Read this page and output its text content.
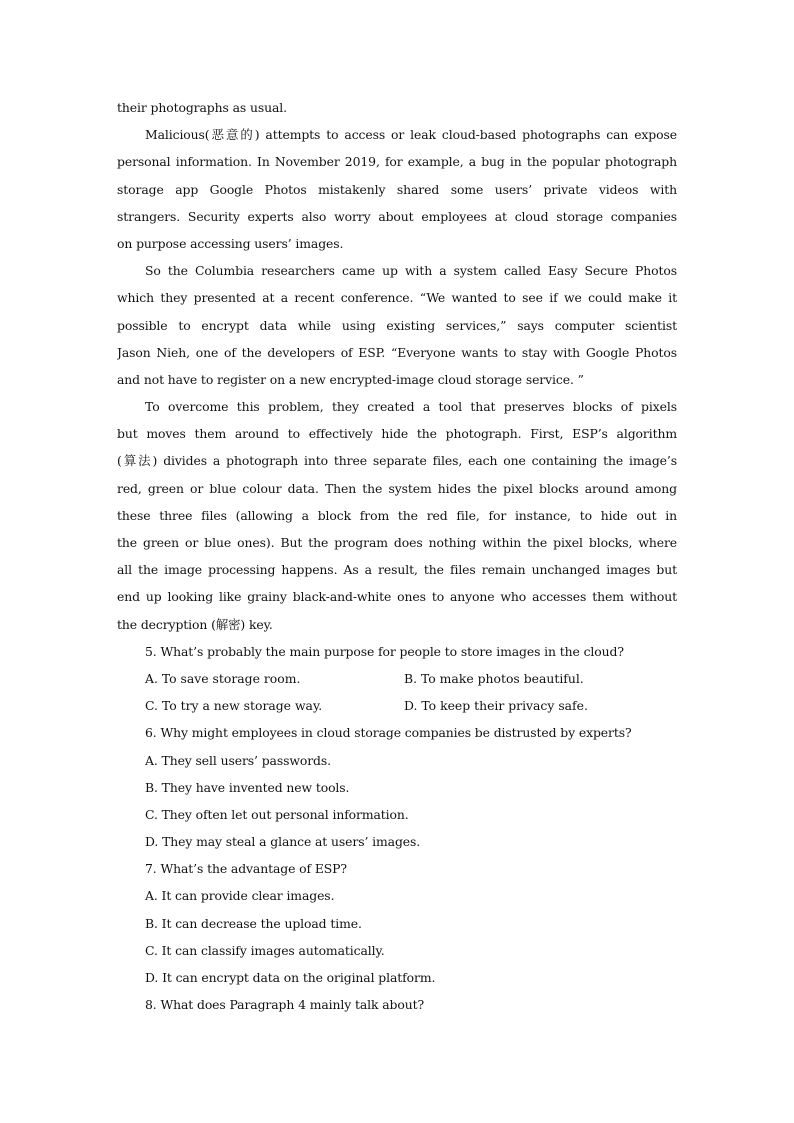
their photographs as usual.
Malicious(恶意的) attempts to access or leak cloud-based photographs can expose
personal information. In November 2019, for example, a bug in the popular photograph
storage app Google Photos mistakenly shared some users’ private videos with
strangers. Security experts also worry about employees at cloud storage companies
on purpose accessing users’ images.
So the Columbia researchers came up with a system called Easy Secure Photos
which they presented at a recent conference. “We wanted to see if we could make it
possible to encrypt data while using existing services,” says computer scientist
Jason Nieh, one of the developers of ESP. “Everyone wants to stay with Google Photos
and not have to register on a new encrypted-image cloud storage service. ”
To overcome this problem, they created a tool that preserves blocks of pixels
but moves them around to effectively hide the photograph. First, ESP’s algorithm
(算法) divides a photograph into three separate files, each one containing the image’s
red, green or blue colour data. Then the system hides the pixel blocks around among
these three files (allowing a block from the red file, for instance, to hide out in
the green or blue ones). But the program does nothing within the pixel blocks, where
all the image processing happens. As a result, the files remain unchanged images but
end up looking like grainy black-and-white ones to anyone who accesses them without
the decryption (解密) key.
5. What’s probably the main purpose for people to store images in the cloud?
A. To save storage room.	B. To make photos beautiful.
C. To try a new storage way.	D. To keep their privacy safe.
6. Why might employees in cloud storage companies be distrusted by experts?
A. They sell users’ passwords.
B. They have invented new tools.
C. They often let out personal information.
D. They may steal a glance at users’ images.
7. What’s the advantage of ESP?
A. It can provide clear images.
B. It can decrease the upload time.
C. It can classify images automatically.
D. It can encrypt data on the original platform.
8. What does Paragraph 4 mainly talk about?
